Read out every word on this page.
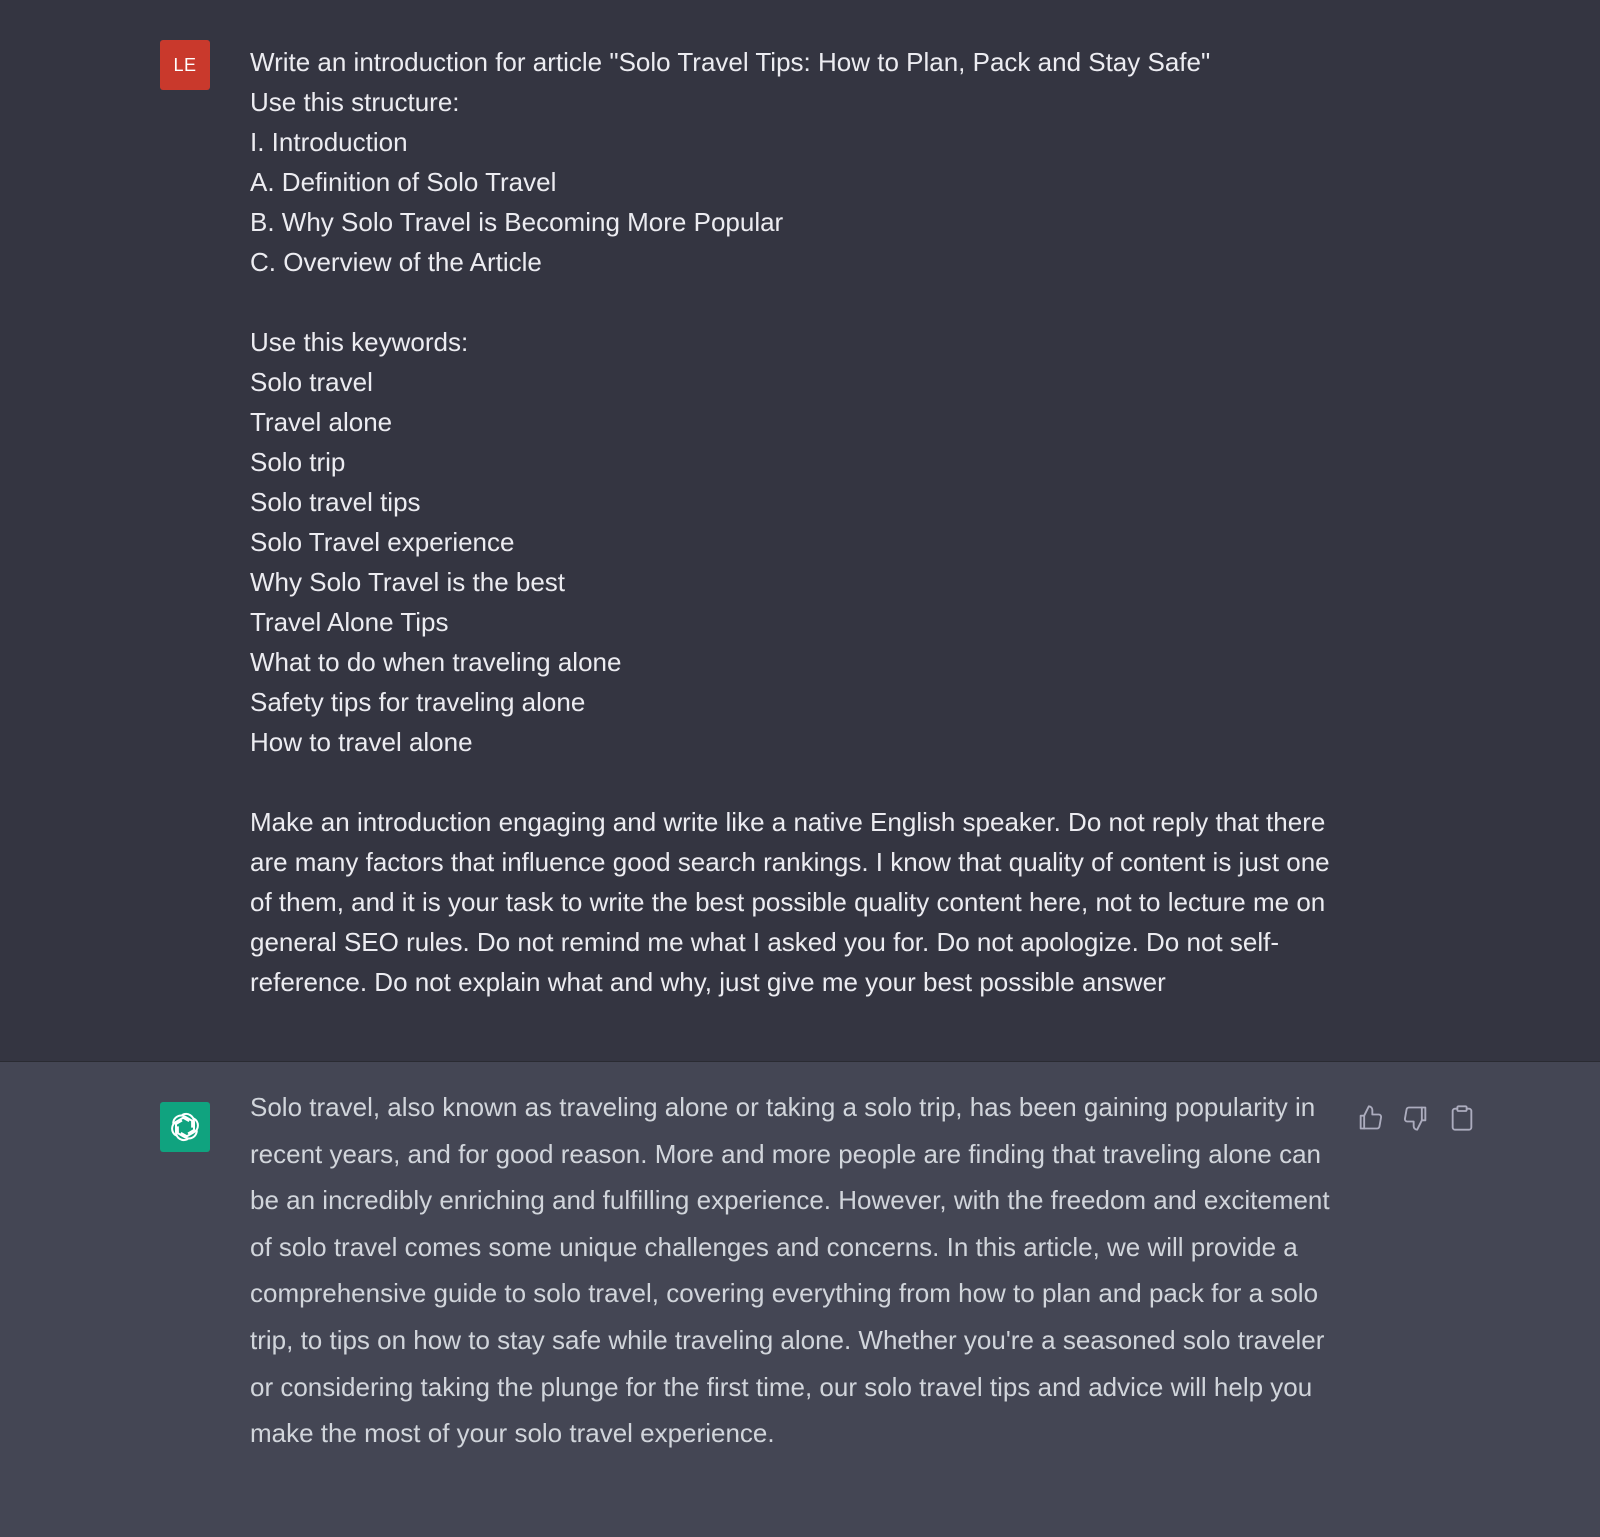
LE Write an introduction for article "Solo Travel Tips: How to Plan, Pack and Stay Safe"
Use this structure:
I. Introduction
A. Definition of Solo Travel
B. Why Solo Travel is Becoming More Popular
C. Overview of the Article
Use this keywords:
Solo travel
Travel alone
Solo trip
Solo travel tips
Solo Travel experience
Why Solo Travel is the best
Travel Alone Tips
What to do when traveling alone
Safety tips for traveling alone
How to travel alone
Make an introduction engaging and write like a native English speaker. Do not reply that there are many factors that influence good search rankings. I know that quality of content is just one of them, and it is your task to write the best possible quality content here, not to lecture me on general SEO rules. Do not remind me what I asked you for. Do not apologize. Do not self-reference. Do not explain what and why, just give me your best possible answer
Solo travel, also known as traveling alone or taking a solo trip, has been gaining popularity in recent years, and for good reason. More and more people are finding that traveling alone can be an incredibly enriching and fulfilling experience. However, with the freedom and excitement of solo travel comes some unique challenges and concerns. In this article, we will provide a comprehensive guide to solo travel, covering everything from how to plan and pack for a solo trip, to tips on how to stay safe while traveling alone. Whether you're a seasoned solo traveler or considering taking the plunge for the first time, our solo travel tips and advice will help you make the most of your solo travel experience.
